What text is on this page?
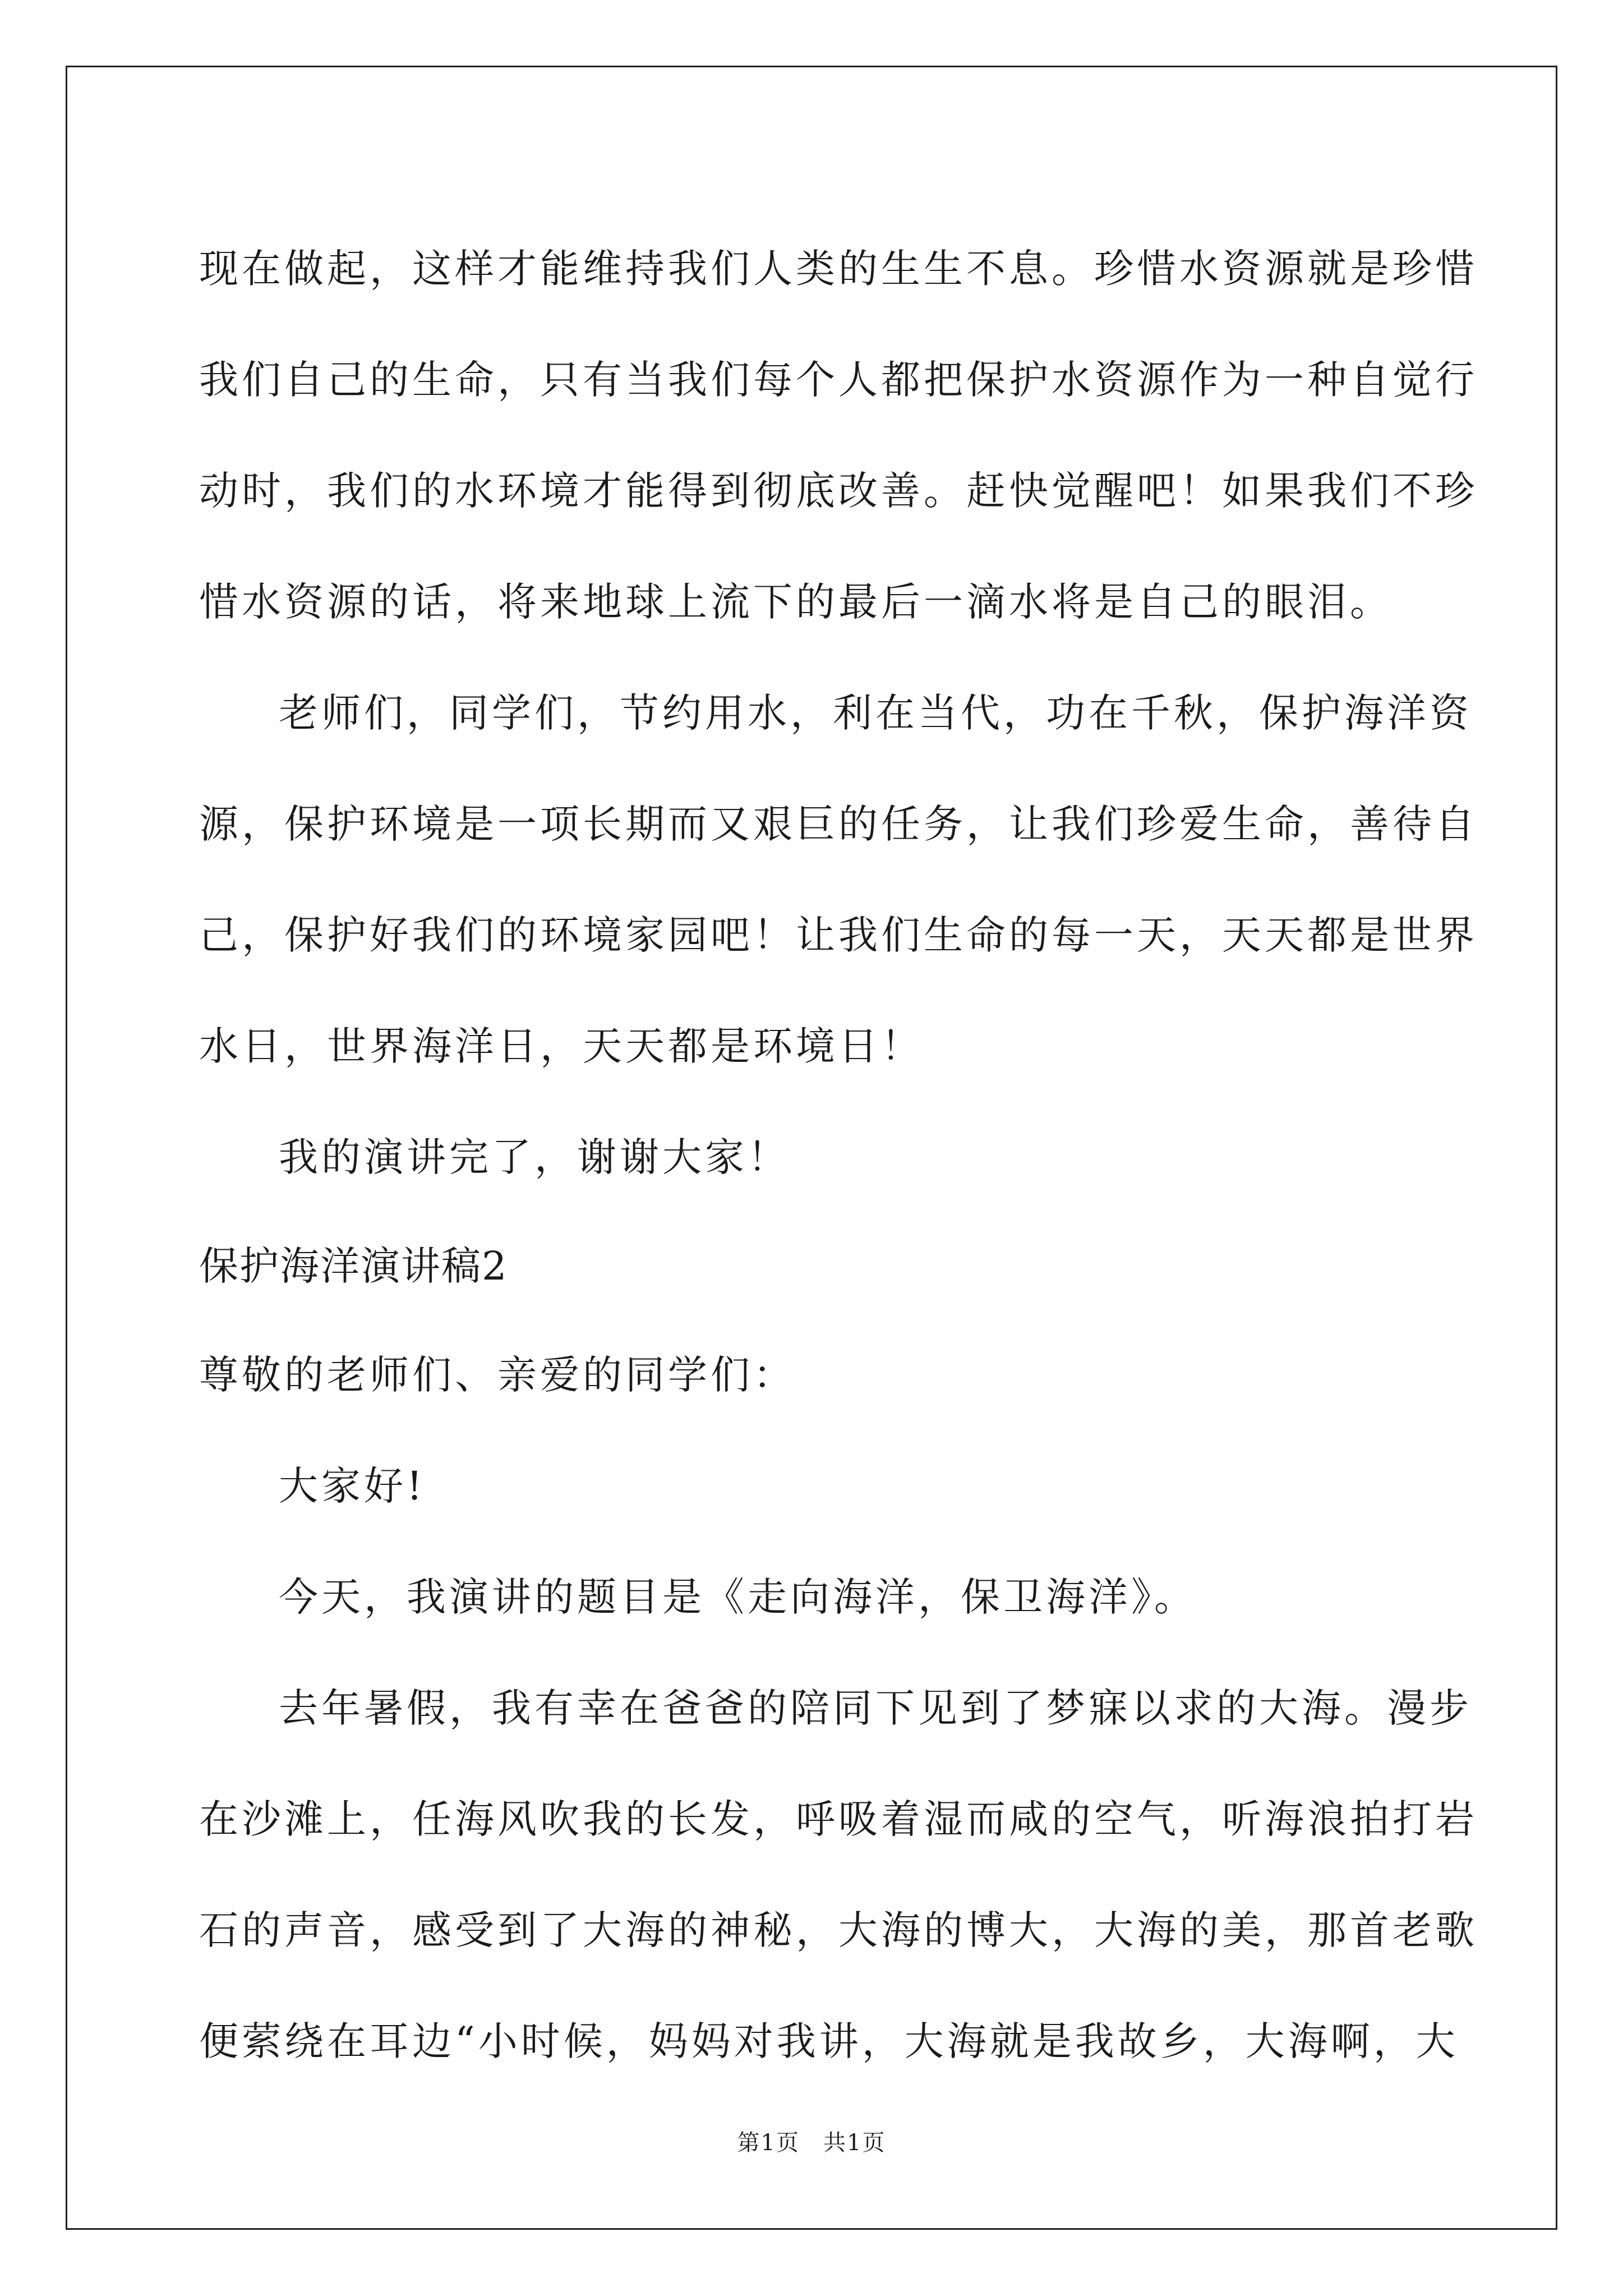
现在做起，这样才能维持我们人类的生生不息。珍惜水资源就是珍惜
我们自己的生命，只有当我们每个人都把保护水资源作为一种自觉行
动时，我们的水环境才能得到彻底改善。赶快觉醒吧！如果我们不珍
惜水资源的话，将来地球上流下的最后一滴水将是自己的眼泪。
老师们，同学们，节约用水，利在当代，功在千秋，保护海洋资
源，保护环境是一项长期而又艰巨的任务，让我们珍爱生命，善待自
己，保护好我们的环境家园吧！让我们生命的每一天，天天都是世界
水日，世界海洋日，天天都是环境日！
我的演讲完了，谢谢大家！
保护海洋演讲稿2
尊敬的老师们、亲爱的同学们：
大家好!
今天，我演讲的题目是《走向海洋，保卫海洋》。
去年暑假，我有幸在爸爸的陪同下见到了梦寐以求的大海。漫步
在沙滩上，任海风吹我的长发，呼吸着湿而咸的空气，听海浪拍打岩
石的声音，感受到了大海的神秘，大海的博大，大海的美，那首老歌
便萦绕在耳边“小时候，妈妈对我讲，大海就是我故乡，大海啊，大
第1页　共1页
